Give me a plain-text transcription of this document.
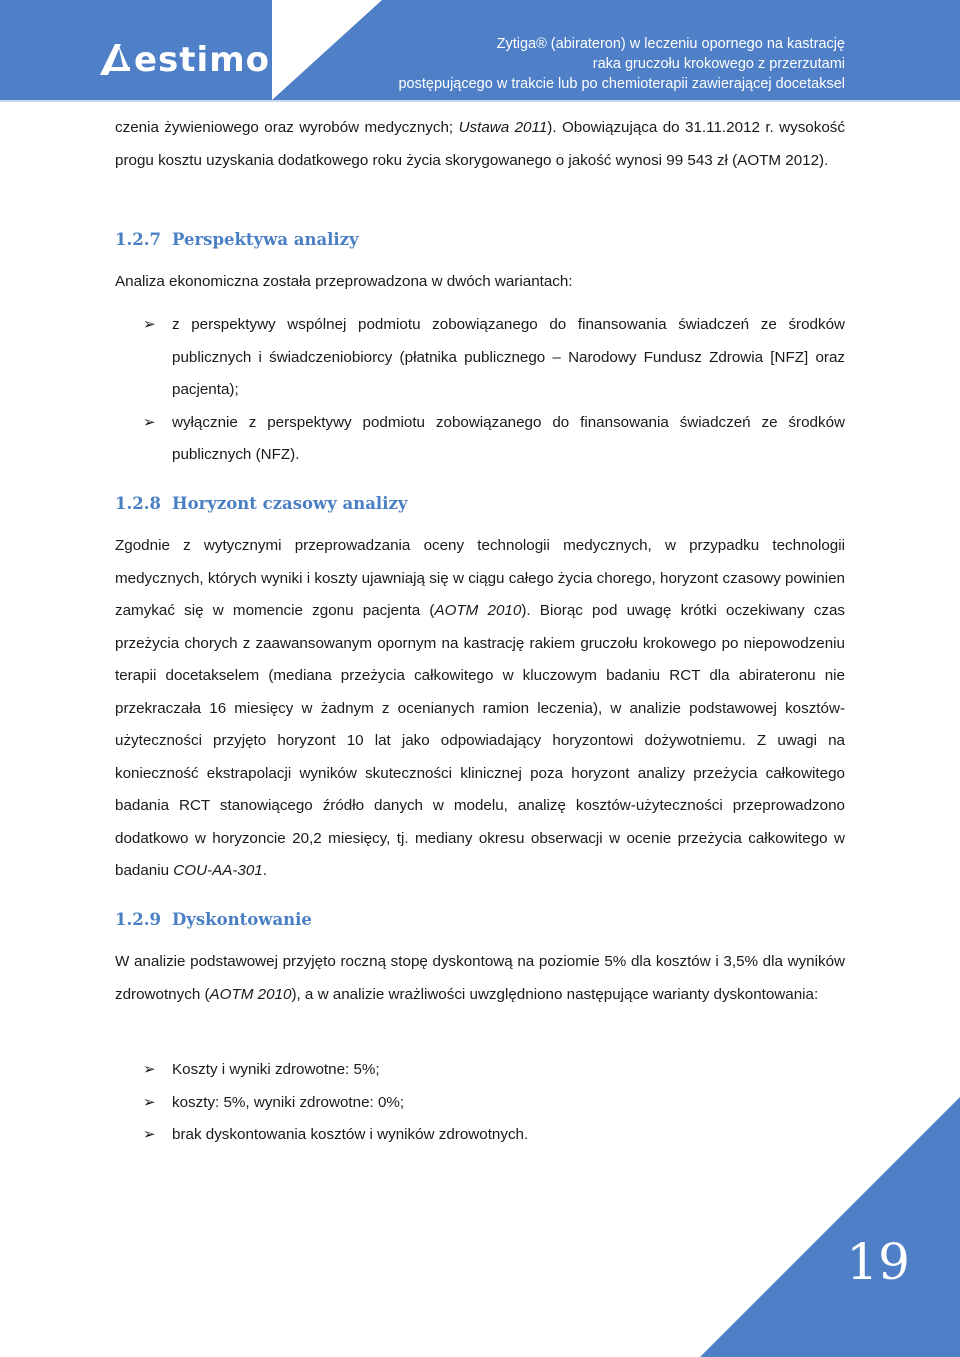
estimo	Zytiga® (abirateron) w leczeniu opornego na kastrację
raka gruczołu krokowego z przerzutami
postępującego w trakcie lub po chemioterapii zawierającej docetaksel

czenia żywieniowego oraz wyrobów medycznych; Ustawa 2011). Obowiązująca do 31.11.2012 r. wysokość progu kosztu uzyskania dodatkowego roku życia skorygowanego o jakość wynosi 99 543 zł (AOTM 2012).

1.2.7 Perspektywa analizy

Analiza ekonomiczna została przeprowadzona w dwóch wariantach:

➢ z perspektywy wspólnej podmiotu zobowiązanego do finansowania świadczeń ze środków publicznych i świadczeniobiorcy (płatnika publicznego – Narodowy Fundusz Zdrowia [NFZ] oraz pacjenta);
➢ wyłącznie z perspektywy podmiotu zobowiązanego do finansowania świadczeń ze środków publicznych (NFZ).
1.2.8 Horyzont czasowy analizy

Zgodnie z wytycznymi przeprowadzania oceny technologii medycznych, w przypadku technologii medycznych, których wyniki i koszty ujawniają się w ciągu całego życia chorego, horyzont czasowy powinien zamykać się w momencie zgonu pacjenta (AOTM 2010). Biorąc pod uwagę krótki oczekiwany czas przeżycia chorych z zaawansowanym opornym na kastrację rakiem gruczołu krokowego po niepowodzeniu terapii docetakselem (mediana przeżycia całkowitego w kluczowym badaniu RCT dla abirateronu nie przekraczała 16 miesięcy w żadnym z ocenianych ramion leczenia), w analizie podstawowej kosztów-użyteczności przyjęto horyzont 10 lat jako odpowiadający horyzontowi dożywotniemu. Z uwagi na konieczność ekstrapolacji wyników skuteczności klinicznej poza horyzont analizy przeżycia całkowitego badania RCT stanowiącego źródło danych w modelu, analizę kosztów-użyteczności przeprowadzono dodatkowo w horyzoncie 20,2 miesięcy, tj. mediany okresu obserwacji w ocenie przeżycia całkowitego w badaniu COU-AA-301.

1.2.9 Dyskontowanie

W analizie podstawowej przyjęto roczną stopę dyskontową na poziomie 5% dla kosztów i 3,5% dla wyników zdrowotnych (AOTM 2010), a w analizie wrażliwości uwzględniono następujące warianty dyskontowania:

➢ Koszty i wyniki zdrowotne: 5%;
➢ koszty: 5%, wyniki zdrowotne: 0%;
➢ brak dyskontowania kosztów i wyników zdrowotnych.
19
